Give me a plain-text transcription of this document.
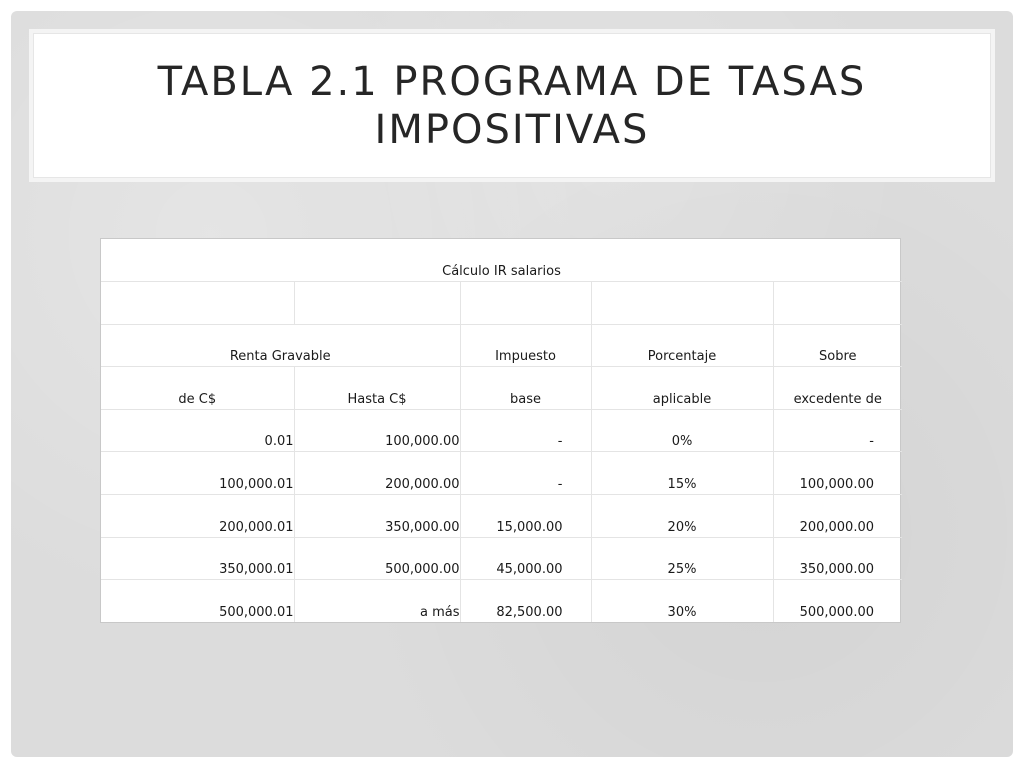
TABLA 2.1 PROGRAMA DE TASAS IMPOSITIVAS
Cálculo IR salarios				

Renta Gravable		Impuesto	Porcentaje	Sobre
de C$	Hasta C$	base	aplicable	excedente de
0.01	100,000.00	-	0%	-
100,000.01	200,000.00	-	15%	100,000.00
200,000.01	350,000.00	15,000.00	20%	200,000.00
350,000.01	500,000.00	45,000.00	25%	350,000.00
500,000.01	a más	82,500.00	30%	500,000.00
